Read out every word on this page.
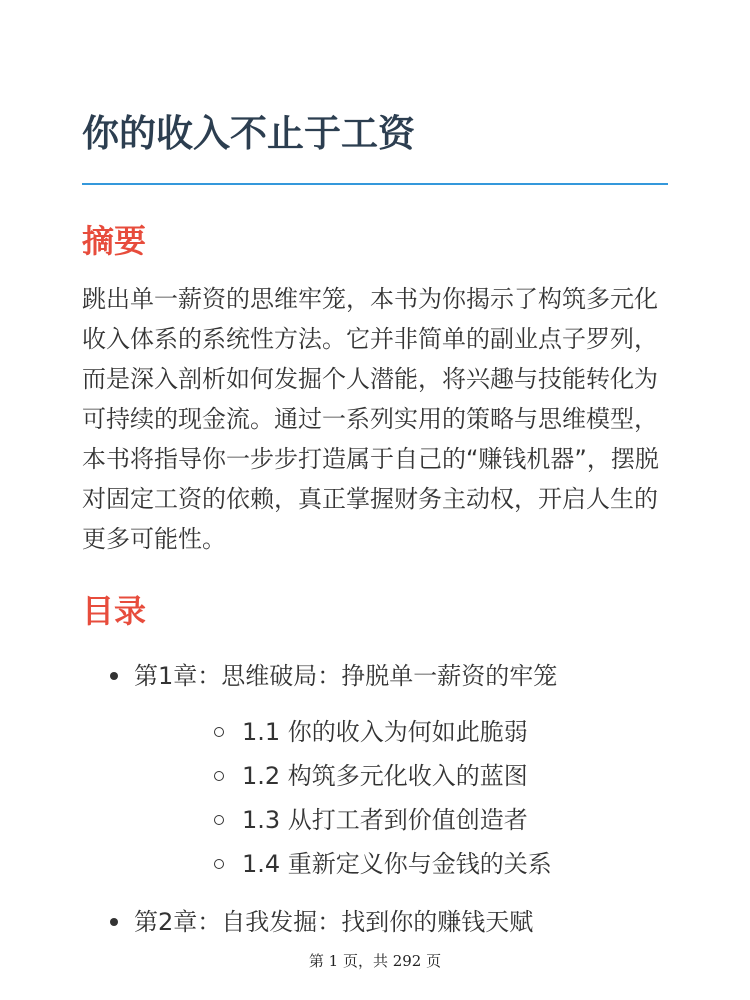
你的收入不止于工资
摘要

跳出单一薪资的思维牢笼，本书为你揭示了构筑多元化收入体系的系统性方法。它并非简单的副业点子罗列，而是深入剖析如何发掘个人潜能，将兴趣与技能转化为可持续的现金流。通过一系列实用的策略与思维模型，本书将指导你一步步打造属于自己的“赚钱机器”，摆脱对固定工资的依赖，真正掌握财务主动权，开启人生的更多可能性。

目录
第1章：思维破局：挣脱单一薪资的牢笼
1.1 你的收入为何如此脆弱
1.2 构筑多元化收入的蓝图
1.3 从打工者到价值创造者
1.4 重新定义你与金钱的关系
第2章：自我发掘：找到你的赚钱天赋
第 1 页，共 292 页
